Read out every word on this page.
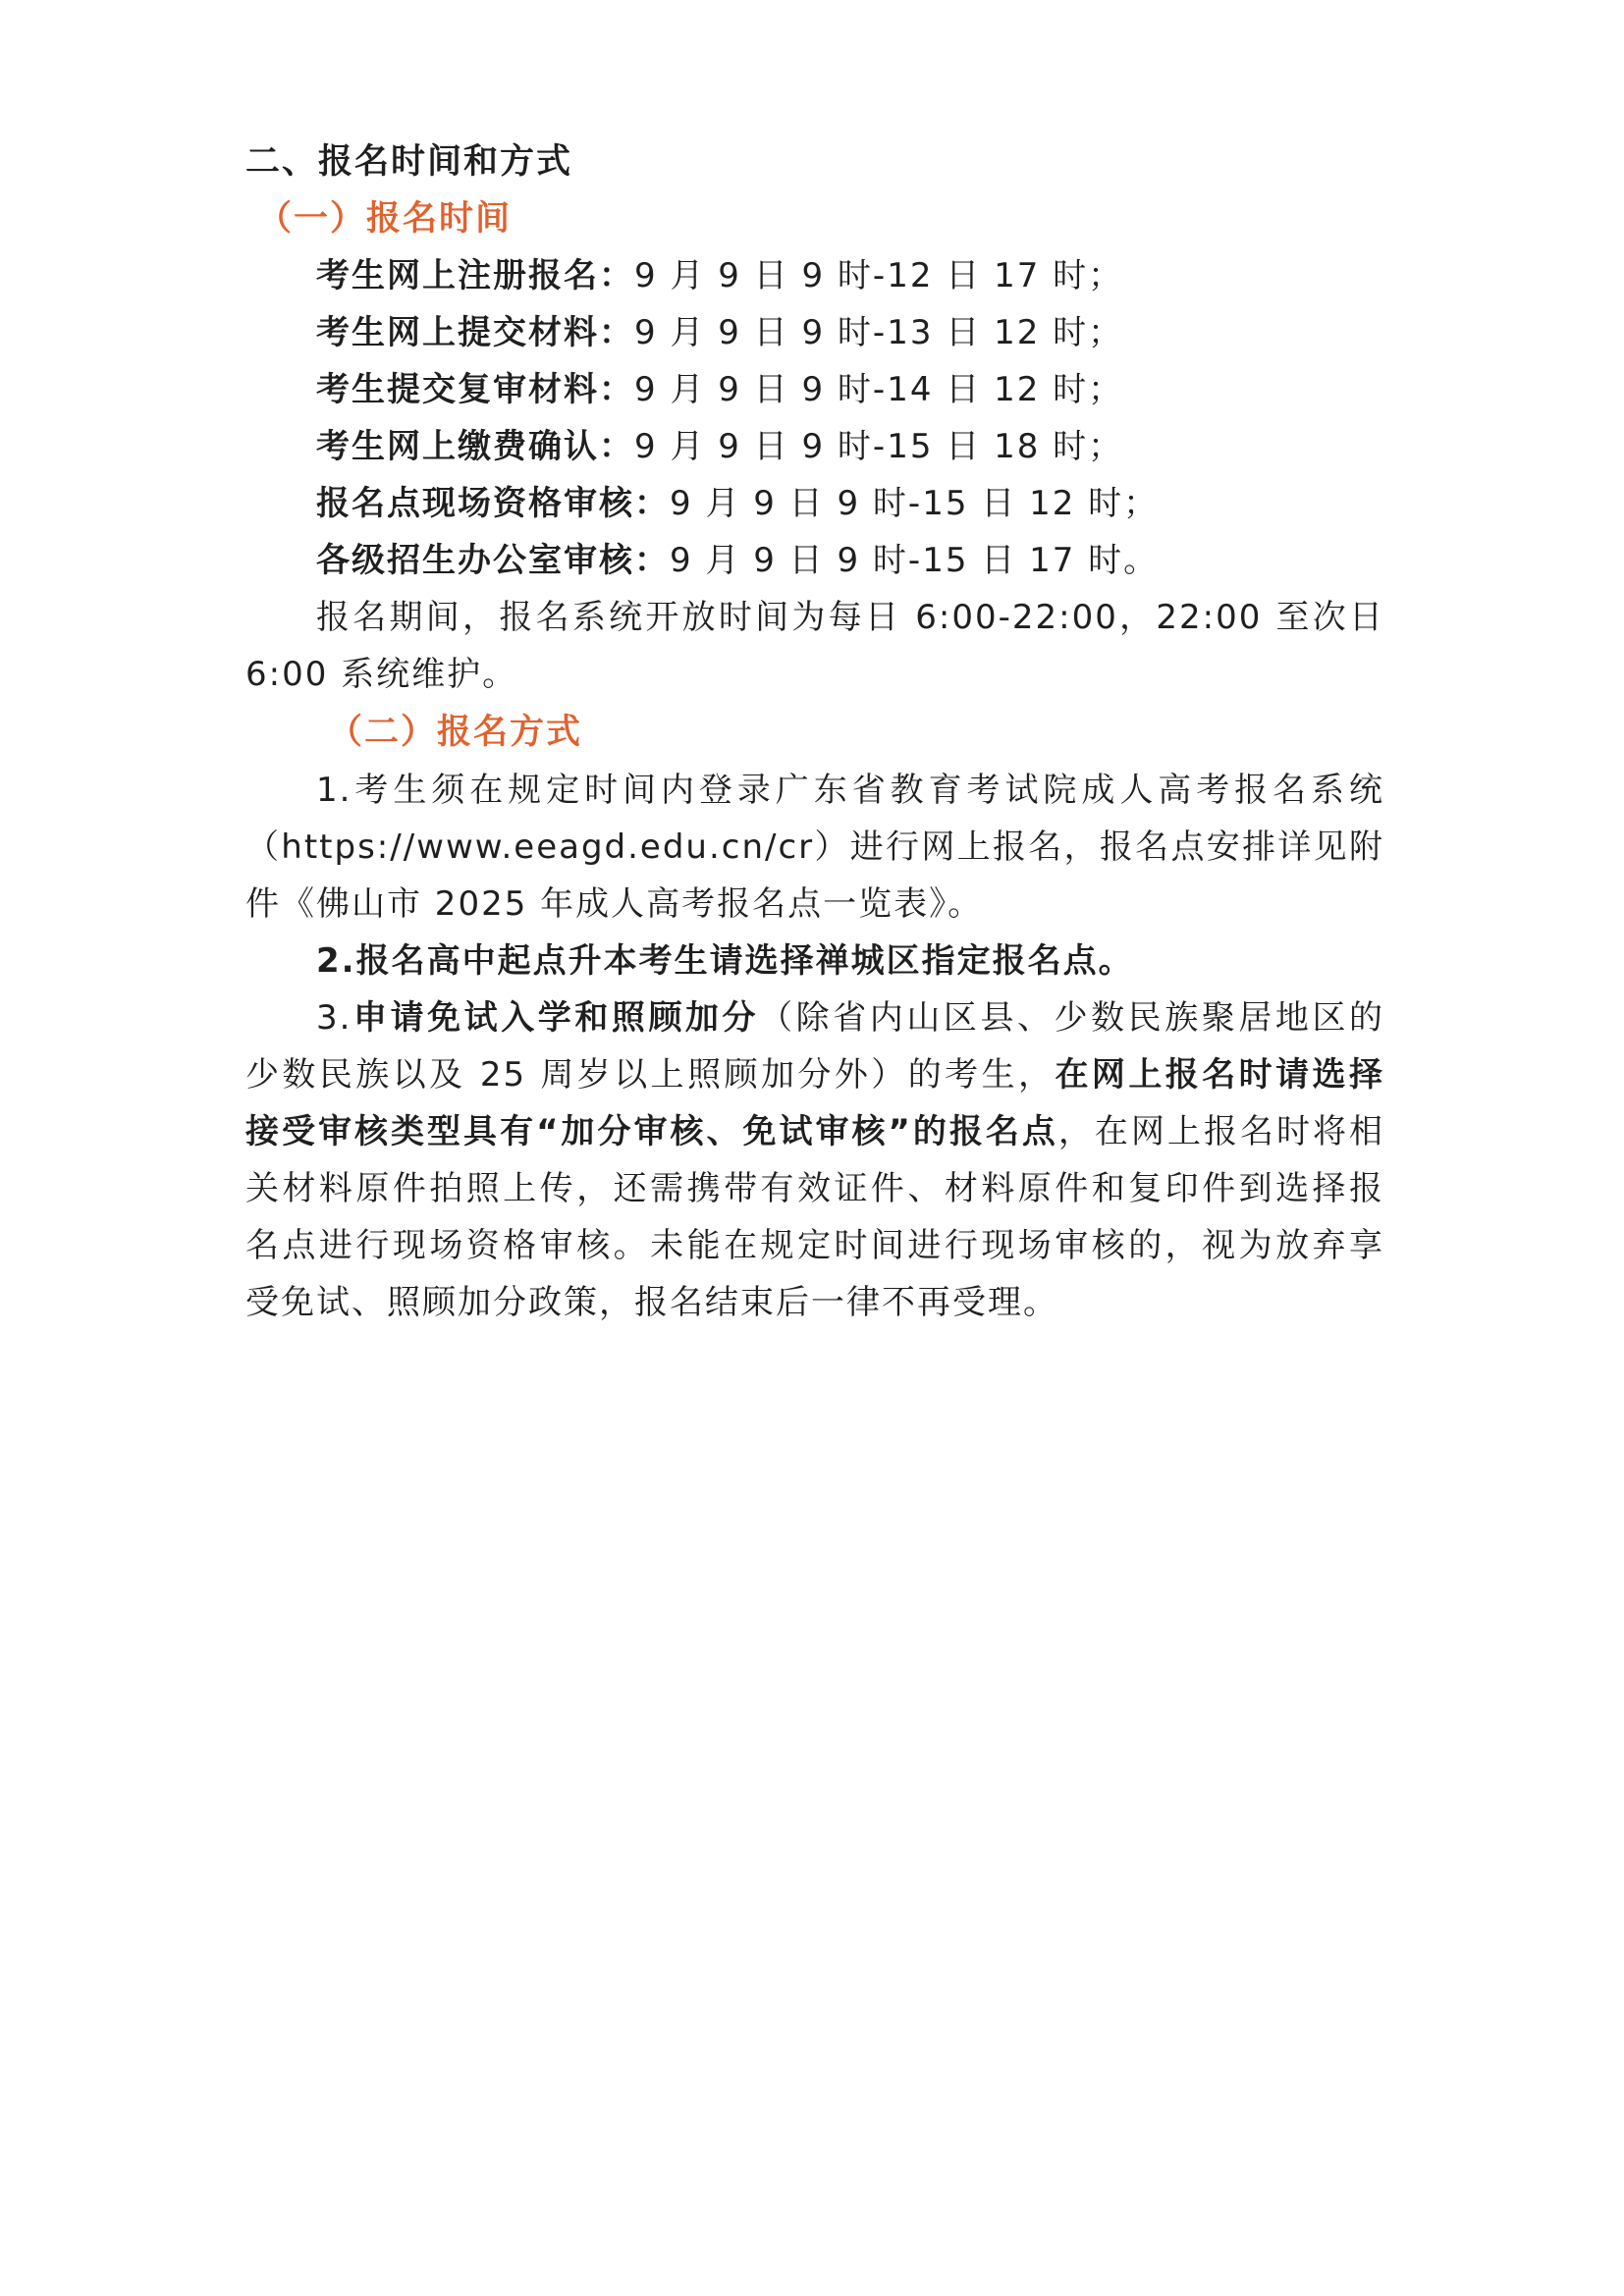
二、报名时间和方式
（一）报名时间
考生网上注册报名：9 月 9 日 9 时-12 日 17 时；
考生网上提交材料：9 月 9 日 9 时-13 日 12 时；
考生提交复审材料：9 月 9 日 9 时-14 日 12 时；
考生网上缴费确认：9 月 9 日 9 时-15 日 18 时；
报名点现场资格审核：9 月 9 日 9 时-15 日 12 时；
各级招生办公室审核：9 月 9 日 9 时-15 日 17 时。
报名期间，报名系统开放时间为每日 6:00-22:00，22:00 至次日
6:00 系统维护。
（二）报名方式
1.考生须在规定时间内登录广东省教育考试院成人高考报名系统
（https://www.eeagd.edu.cn/cr）进行网上报名，报名点安排详见附
件《佛山市 2025 年成人高考报名点一览表》。
2.报名高中起点升本考生请选择禅城区指定报名点。
3.申请免试入学和照顾加分（除省内山区县、少数民族聚居地区的
少数民族以及 25 周岁以上照顾加分外）的考生，在网上报名时请选择
接受审核类型具有“加分审核、免试审核”的报名点，在网上报名时将相
关材料原件拍照上传，还需携带有效证件、材料原件和复印件到选择报
名点进行现场资格审核。未能在规定时间进行现场审核的，视为放弃享
受免试、照顾加分政策，报名结束后一律不再受理。
